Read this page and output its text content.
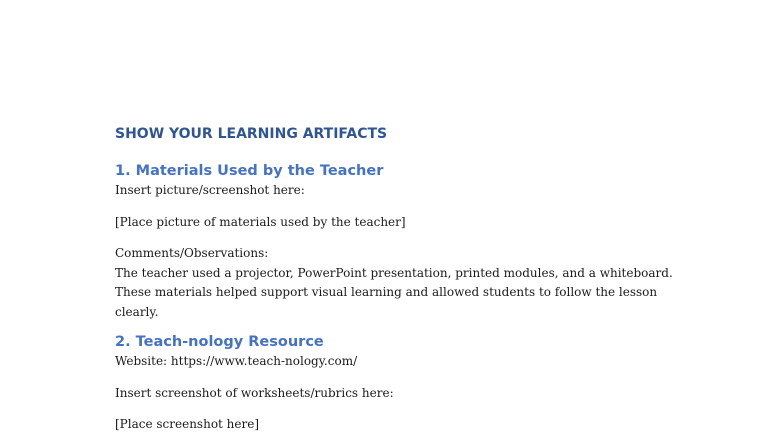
SHOW YOUR LEARNING ARTIFACTS
1. Materials Used by the Teacher

Insert picture/screenshot here:

[Place picture of materials used by the teacher]

Comments/Observations:

The teacher used a projector, PowerPoint presentation, printed modules, and a whiteboard.

These materials helped support visual learning and allowed students to follow the lesson

clearly.

2. Teach-nology Resource

Website: https://www.teach-nology.com/

Insert screenshot of worksheets/rubrics here:

[Place screenshot here]
